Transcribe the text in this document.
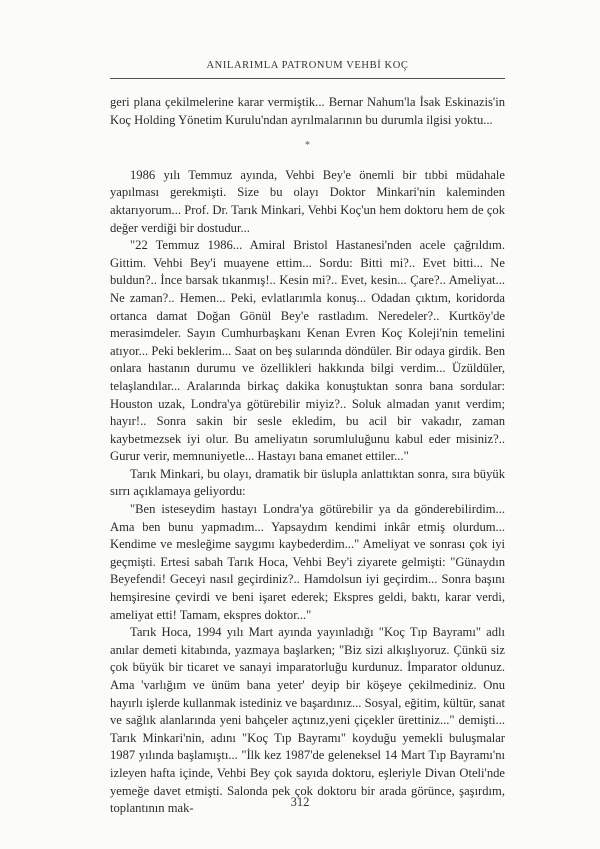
ANILARIMLA PATRONUM VEHBİ KOÇ

geri plana çekilmelerine karar vermiştik... Bernar Nahum'la İsak Eskinazis'in Koç Holding Yönetim Kurulu'ndan ayrılmalarının bu durumla ilgisi yoktu...

*

1986 yılı Temmuz ayında, Vehbi Bey'e önemli bir tıbbi müdahale yapılması gerekmişti. Size bu olayı Doktor Minkari'nin kaleminden aktarıyorum... Prof. Dr. Tarık Minkari, Vehbi Koç'un hem doktoru hem de çok değer verdiği bir dostudur...

"22 Temmuz 1986... Amiral Bristol Hastanesi'nden acele çağrıldım. Gittim. Vehbi Bey'i muayene ettim... Sordu: Bitti mi?.. Evet bitti... Ne buldun?.. İnce barsak tıkanmış!.. Kesin mi?.. Evet, kesin... Çare?.. Ameliyat... Ne zaman?.. Hemen... Peki, evlatlarımla konuş... Odadan çıktım, koridorda ortanca damat Doğan Gönül Bey'e rastladım. Neredeler?.. Kurtköy'de merasimdeler. Sayın Cumhurbaşkanı Kenan Evren Koç Koleji'nin temelini atıyor... Peki beklerim... Saat on beş sularında döndüler. Bir odaya girdik. Ben onlara hastanın durumu ve özellikleri hakkında bilgi verdim... Üzüldüler, telaşlandılar... Aralarında birkaç dakika konuştuktan sonra bana sordular: Houston uzak, Londra'ya götürebilir miyiz?.. Soluk almadan yanıt verdim; hayır!.. Sonra sakin bir sesle ekledim, bu acil bir vakadır, zaman kaybetmezsek iyi olur. Bu ameliyatın sorumluluğunu kabul eder misiniz?.. Gurur verir, memnuniyetle... Hastayı bana emanet ettiler..."

Tarık Minkari, bu olayı, dramatik bir üslupla anlattıktan sonra, sıra büyük sırrı açıklamaya geliyordu:

"Ben isteseydim hastayı Londra'ya götürebilir ya da gönderebilirdim... Ama ben bunu yapmadım... Yapsaydım kendimi inkâr etmiş olurdum... Kendime ve mesleğime saygımı kaybederdim..." Ameliyat ve sonrası çok iyi geçmişti. Ertesi sabah Tarık Hoca, Vehbi Bey'i ziyarete gelmişti: "Günaydın Beyefendi! Geceyi nasıl geçirdiniz?.. Hamdolsun iyi geçirdim... Sonra başını hemşiresine çevirdi ve beni işaret ederek; Ekspres geldi, baktı, karar verdi, ameliyat etti! Tamam, ekspres doktor..."

Tarık Hoca, 1994 yılı Mart ayında yayınladığı "Koç Tıp Bayramı" adlı anılar demeti kitabında, yazmaya başlarken; "Biz sizi alkışlıyoruz. Çünkü siz çok büyük bir ticaret ve sanayi imparatorluğu kurdunuz. İmparator oldunuz. Ama 'varlığım ve ünüm bana yeter' deyip bir köşeye çekilmediniz. Onu hayırlı işlerde kullanmak istediniz ve başardınız... Sosyal, eğitim, kültür, sanat ve sağlık alanlarında yeni bahçeler açtınız,yeni çiçekler ürettiniz..." demişti... Tarık Minkari'nin, adını "Koç Tıp Bayramı" koyduğu yemekli buluşmalar 1987 yılında başlamıştı... "İlk kez 1987'de geleneksel 14 Mart Tıp Bayramı'nı izleyen hafta içinde, Vehbi Bey çok sayıda doktoru, eşleriyle Divan Oteli'nde yemeğe davet etmişti. Salonda pek çok doktoru bir arada görünce, şaşırdım, toplantının mak-	312
